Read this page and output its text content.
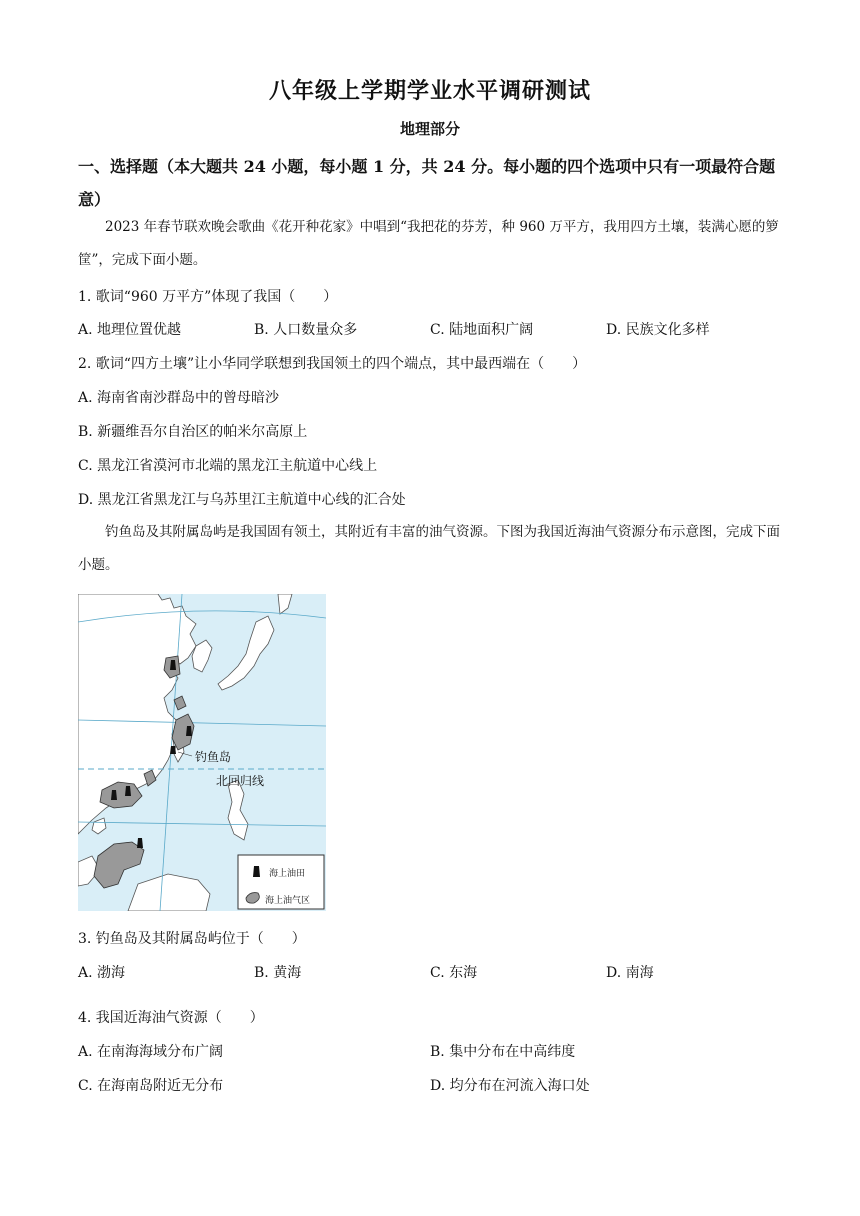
八年级上学期学业水平调研测试
地理部分
一、选择题（本大题共 24 小题，每小题 1 分，共 24 分。每小题的四个选项中只有一项最符合题意）
2023 年春节联欢晚会歌曲《花开种花家》中唱到“我把花的芬芳，种 960 万平方，我用四方土壤，装满心愿的箩筐”，完成下面小题。
1. 歌词“960 万平方”体现了我国（　　）
A. 地理位置优越	B. 人口数量众多	C. 陆地面积广阔	D. 民族文化多样
2. 歌词“四方土壤”让小华同学联想到我国领土的四个端点，其中最西端在（　　）
A. 海南省南沙群岛中的曾母暗沙
B. 新疆维吾尔自治区的帕米尔高原上
C. 黑龙江省漠河市北端的黑龙江主航道中心线上
D. 黑龙江省黑龙江与乌苏里江主航道中心线的汇合处
钓鱼岛及其附属岛屿是我国固有领土，其附近有丰富的油气资源。下图为我国近海油气资源分布示意图，完成下面小题。
钓鱼岛
北回归线
海上油田
海上油气区
3. 钓鱼岛及其附属岛屿位于（　　）
A. 渤海	B. 黄海	C. 东海	D. 南海
4. 我国近海油气资源（　　）
A. 在南海海域分布广阔	B. 集中分布在中高纬度
C. 在海南岛附近无分布	D. 均分布在河流入海口处
